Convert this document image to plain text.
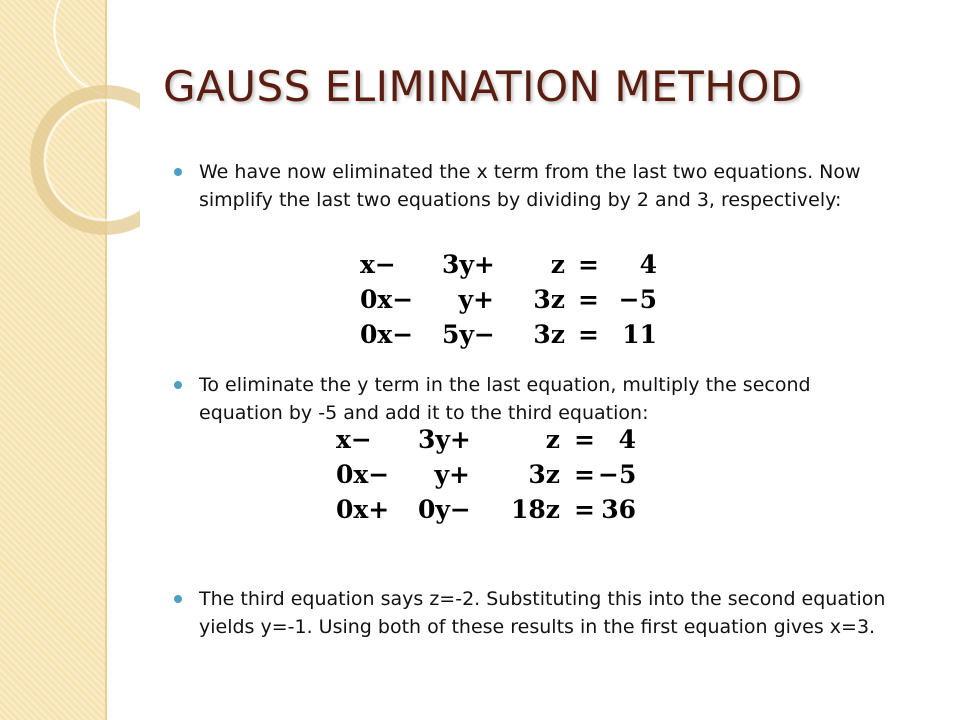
GAUSS ELIMINATION METHOD
We have now eliminated the x term from the last two equations. Now simplify the last two equations by dividing by 2 and 3, respectively:
x− 3y+	z =	4
0x−	y+	3z = −5
0x− 5y−	3z = 11
To eliminate the y term in the last equation, multiply the second equation by -5 and add it to the third equation:
x− 3y+	z = 4
0x−	y+	3z = −5
0x+ 0y−	18z = 36
The third equation says z=-2. Substituting this into the second equation yields y=-1. Using both of these results in the first equation gives x=3.
